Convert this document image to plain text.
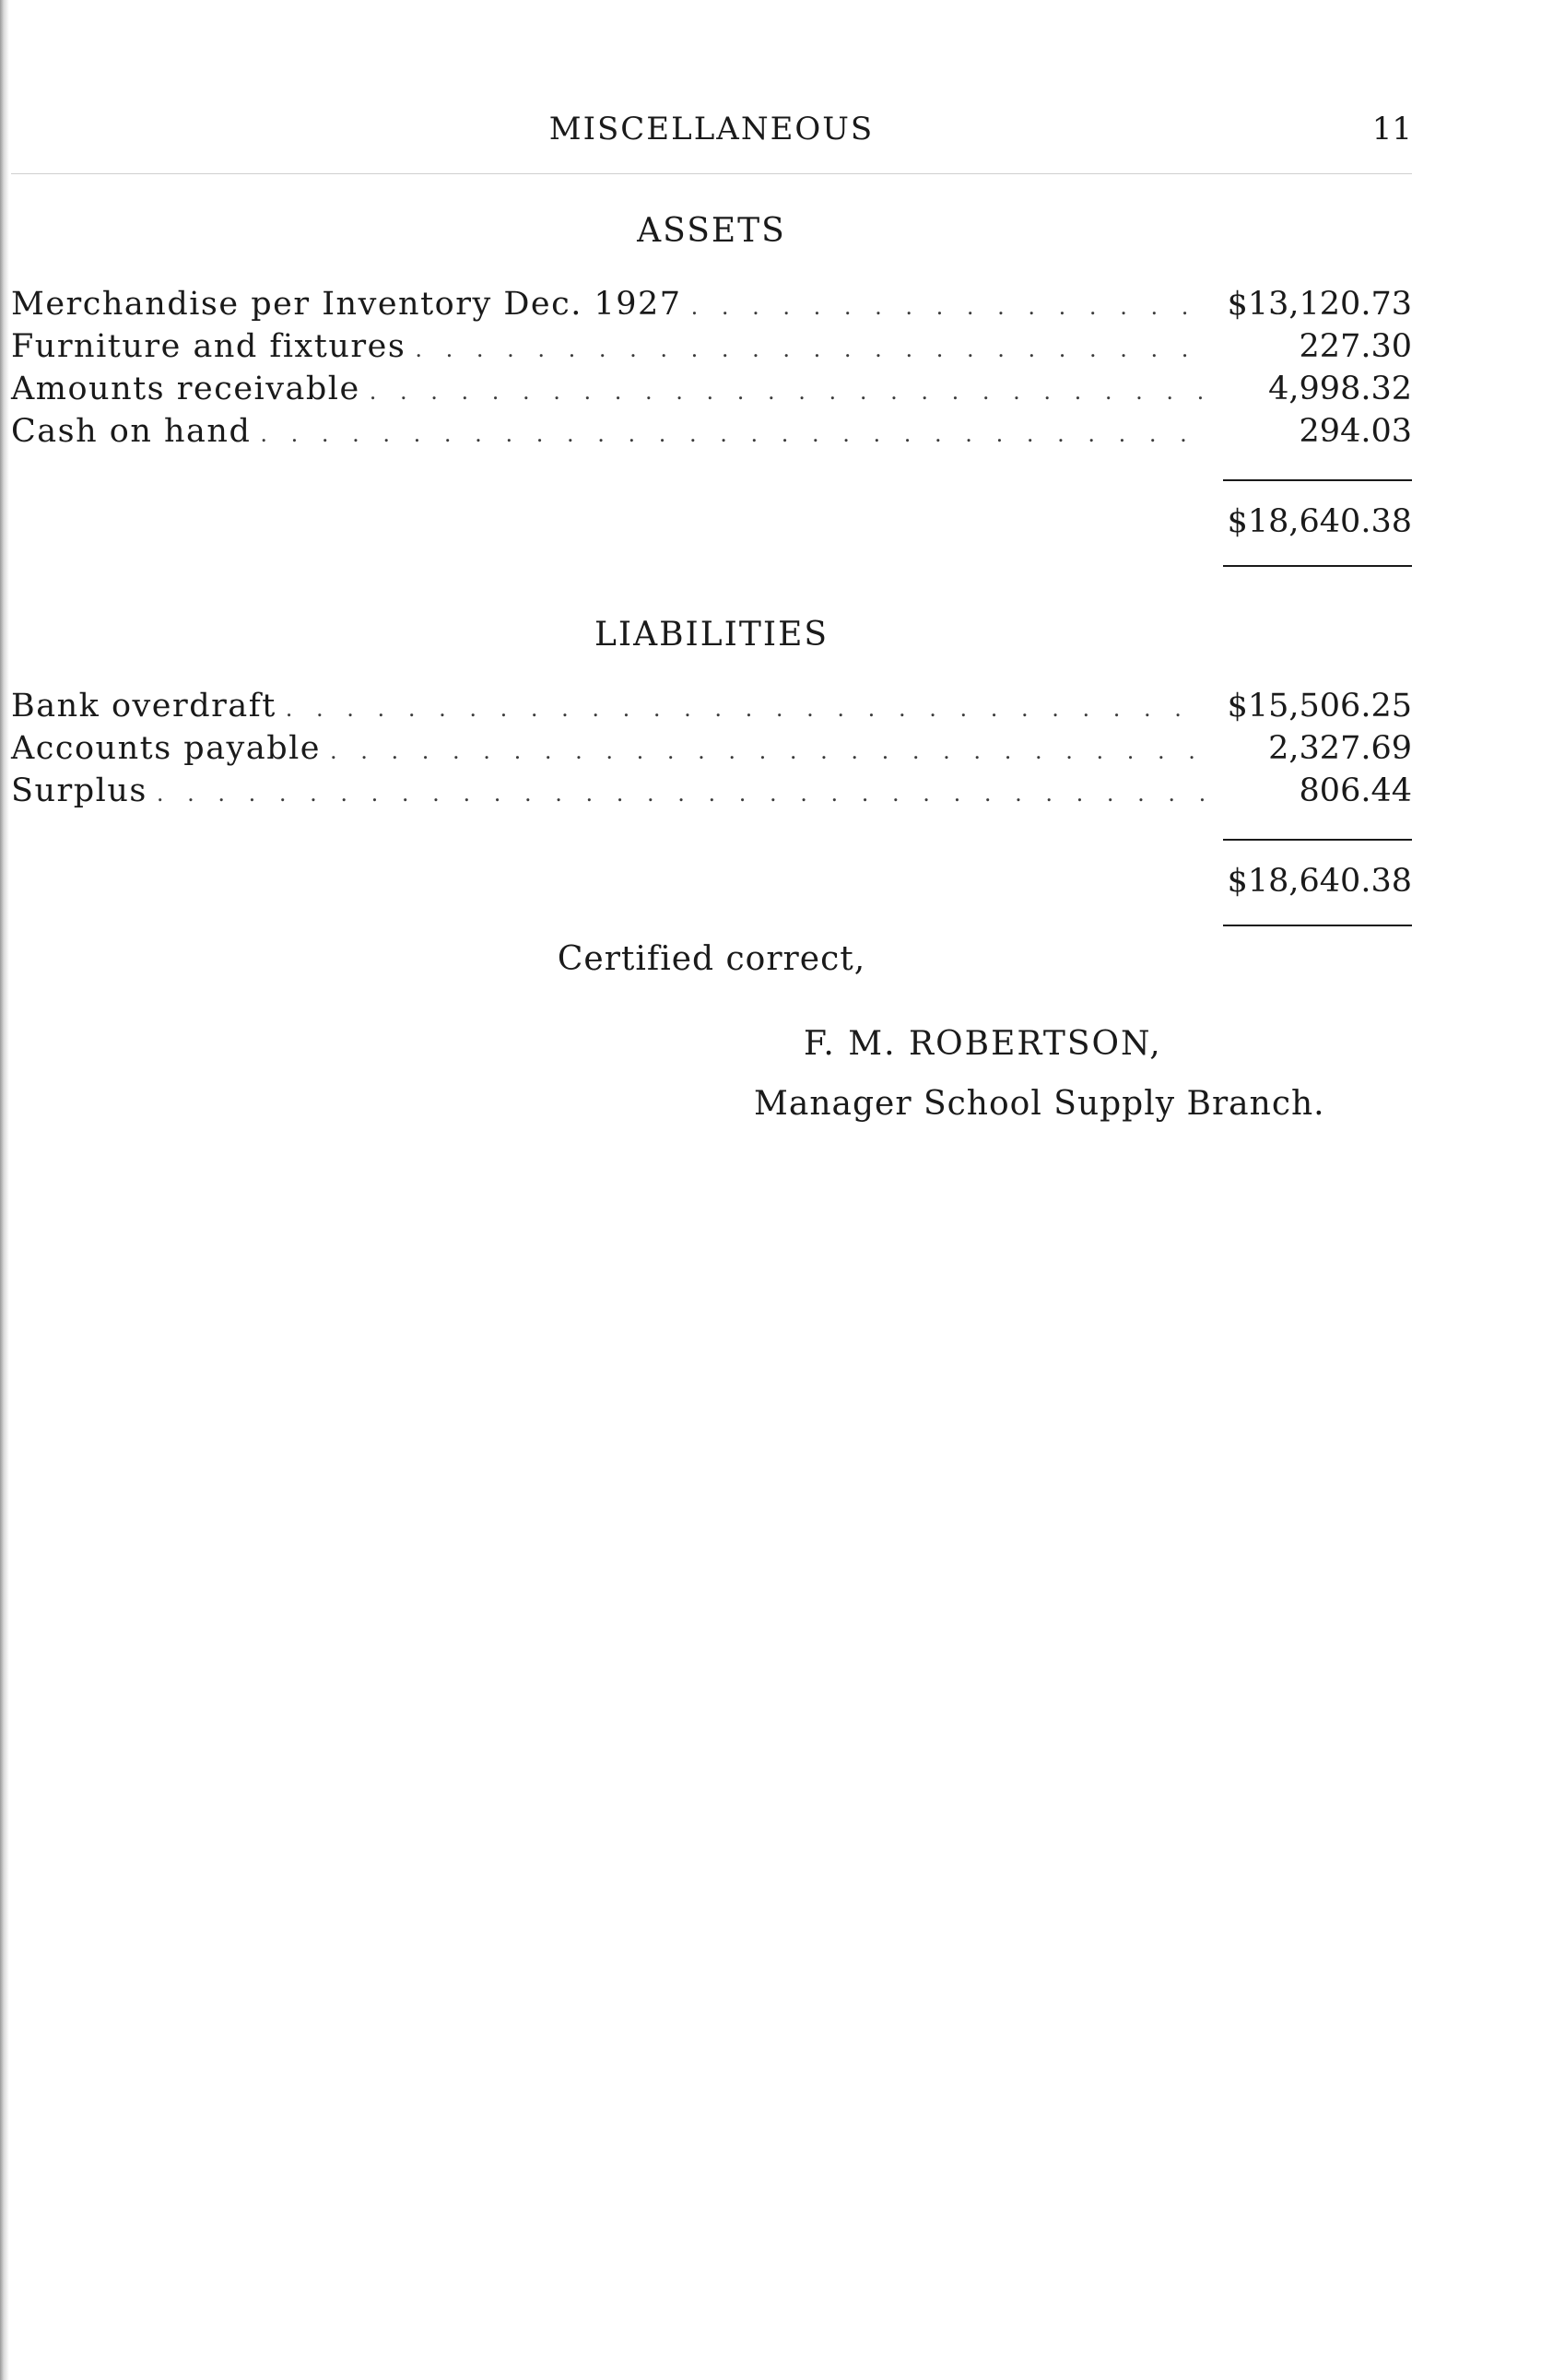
MISCELLANEOUS	11
ASSETS
Merchandise per Inventory Dec. 1927 . . .	$13,120.73
Furniture and fixtures . . .	227.30
Amounts receivable . . .	4,998.32
Cash on hand . . .	294.03
$18,640.38
LIABILITIES
Bank overdraft . . .	$15,506.25
Accounts payable . . .	2,327.69
Surplus . . .	806.44
$18,640.38
Certified correct,
F. M. ROBERTSON,
Manager School Supply Branch.
